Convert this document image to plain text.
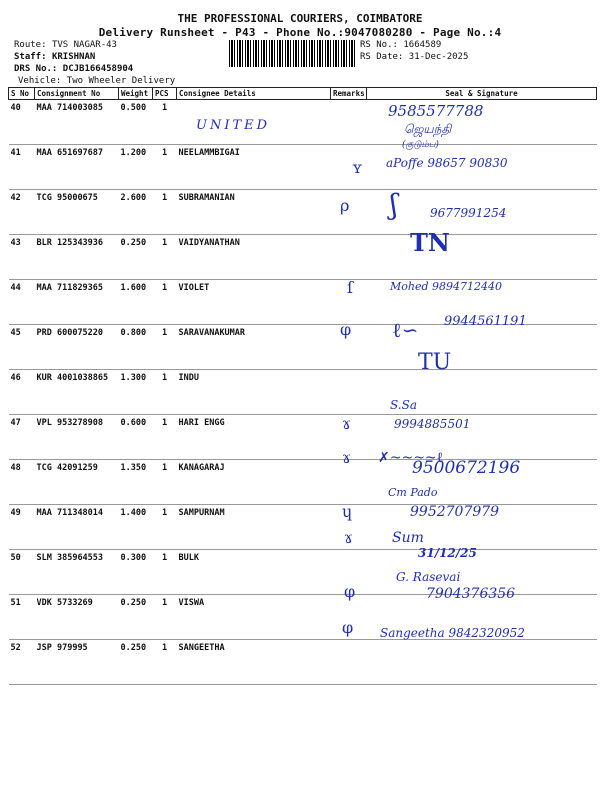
THE PROFESSIONAL COURIERS, COIMBATORE
Delivery Runsheet - P43 - Phone No.:9047080280 - Page No.:4
Route: TVS NAGAR-43
Staff: KRISHNAN
DRS No.: DCJB166458904
Vehicle: Two Wheeler Delivery
RS No.: 1664589
RS Date: 31-Dec-2025
S No	Consignment No	Weight	PCS	Consignee Details	Remarks	Seal & Signature
40	MAA 714003085	0.500	1			
41	MAA 651697687	1.200	1	NEELAMMBIGAI		
42	TCG 95000675	2.600	1	SUBRAMANIAN		
43	BLR 125343936	0.250	1	VAIDYANATHAN		
44	MAA 711829365	1.600	1	VIOLET		
45	PRD 600075220	0.800	1	SARAVANAKUMAR		
46	KUR 4001038865	1.300	1	INDU		
47	VPL 953278908	0.600	1	HARI ENGG		
48	TCG 42091259	1.350	1	KANAGARAJ		
49	MAA 711348014	1.400	1	SAMPURNAM		
50	SLM 385964553	0.300	1	BULK		
51	VDK 5733269	0.250	1	VISWA		
52	JSP 979995	0.250	1	SANGEETHA		
UNITED
9585577788
ஜெயந்தி
(குடும்ப)
aPoffe 98657 90830
ʏ
9677991254
ʃ
ρ
TN
Mohed 9894712440
ſ
9944561191
ℓ∽
φ
TU
S.Sa
9994885501
ɤ
9500672196
✗~~~~ℓ
ɤ
Cm Pado
9952707979
ɥ
Sum
31/12/25
ɤ
G. Rasevai
7904376356
φ
Sangeetha 9842320952
φ
